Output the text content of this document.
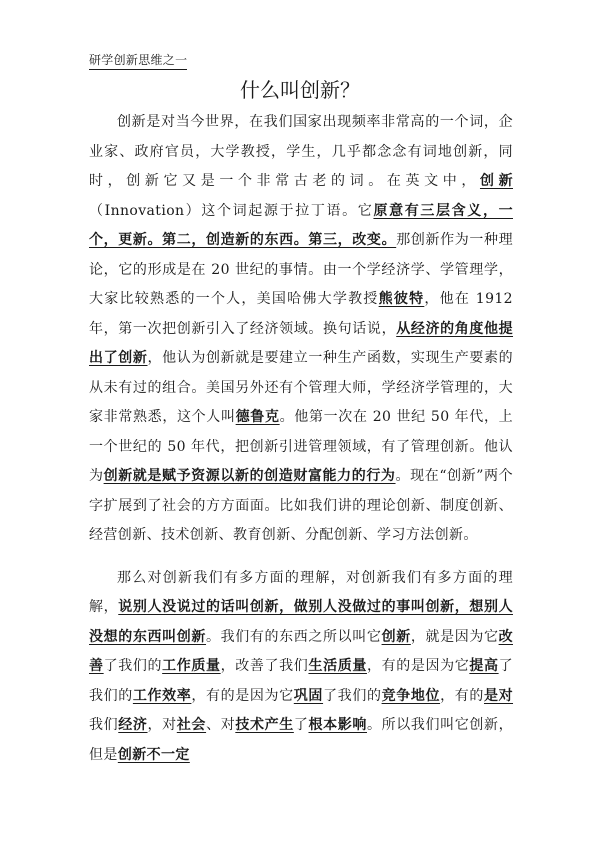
研学创新思维之一
什么叫创新？

创新是对当今世界，在我们国家出现频率非常高的一个词，企业家、政府官员，大学教授，学生，几乎都念念有词地创新，同时，创新它又是一个非常古老的词。在英文中，创新（Innovation）这个词起源于拉丁语。它原意有三层含义，一个，更新。第二，创造新的东西。第三，改变。那创新作为一种理论，它的形成是在 20 世纪的事情。由一个学经济学、学管理学，大家比较熟悉的一个人，美国哈佛大学教授熊彼特，他在 1912 年，第一次把创新引入了经济领域。换句话说，从经济的角度他提出了创新，他认为创新就是要建立一种生产函数，实现生产要素的从未有过的组合。美国另外还有个管理大师，学经济学管理的，大家非常熟悉，这个人叫德鲁克。他第一次在 20 世纪 50 年代，上一个世纪的 50 年代，把创新引进管理领域，有了管理创新。他认为创新就是赋予资源以新的创造财富能力的行为。现在“创新”两个字扩展到了社会的方方面面。比如我们讲的理论创新、制度创新、经营创新、技术创新、教育创新、分配创新、学习方法创新。

那么对创新我们有多方面的理解，对创新我们有多方面的理解，说别人没说过的话叫创新，做别人没做过的事叫创新，想别人没想的东西叫创新。我们有的东西之所以叫它创新，就是因为它改善了我们的工作质量，改善了我们生活质量，有的是因为它提高了我们的工作效率，有的是因为它巩固了我们的竞争地位，有的是对我们经济，对社会、对技术产生了根本影响。所以我们叫它创新，但是创新不一定
